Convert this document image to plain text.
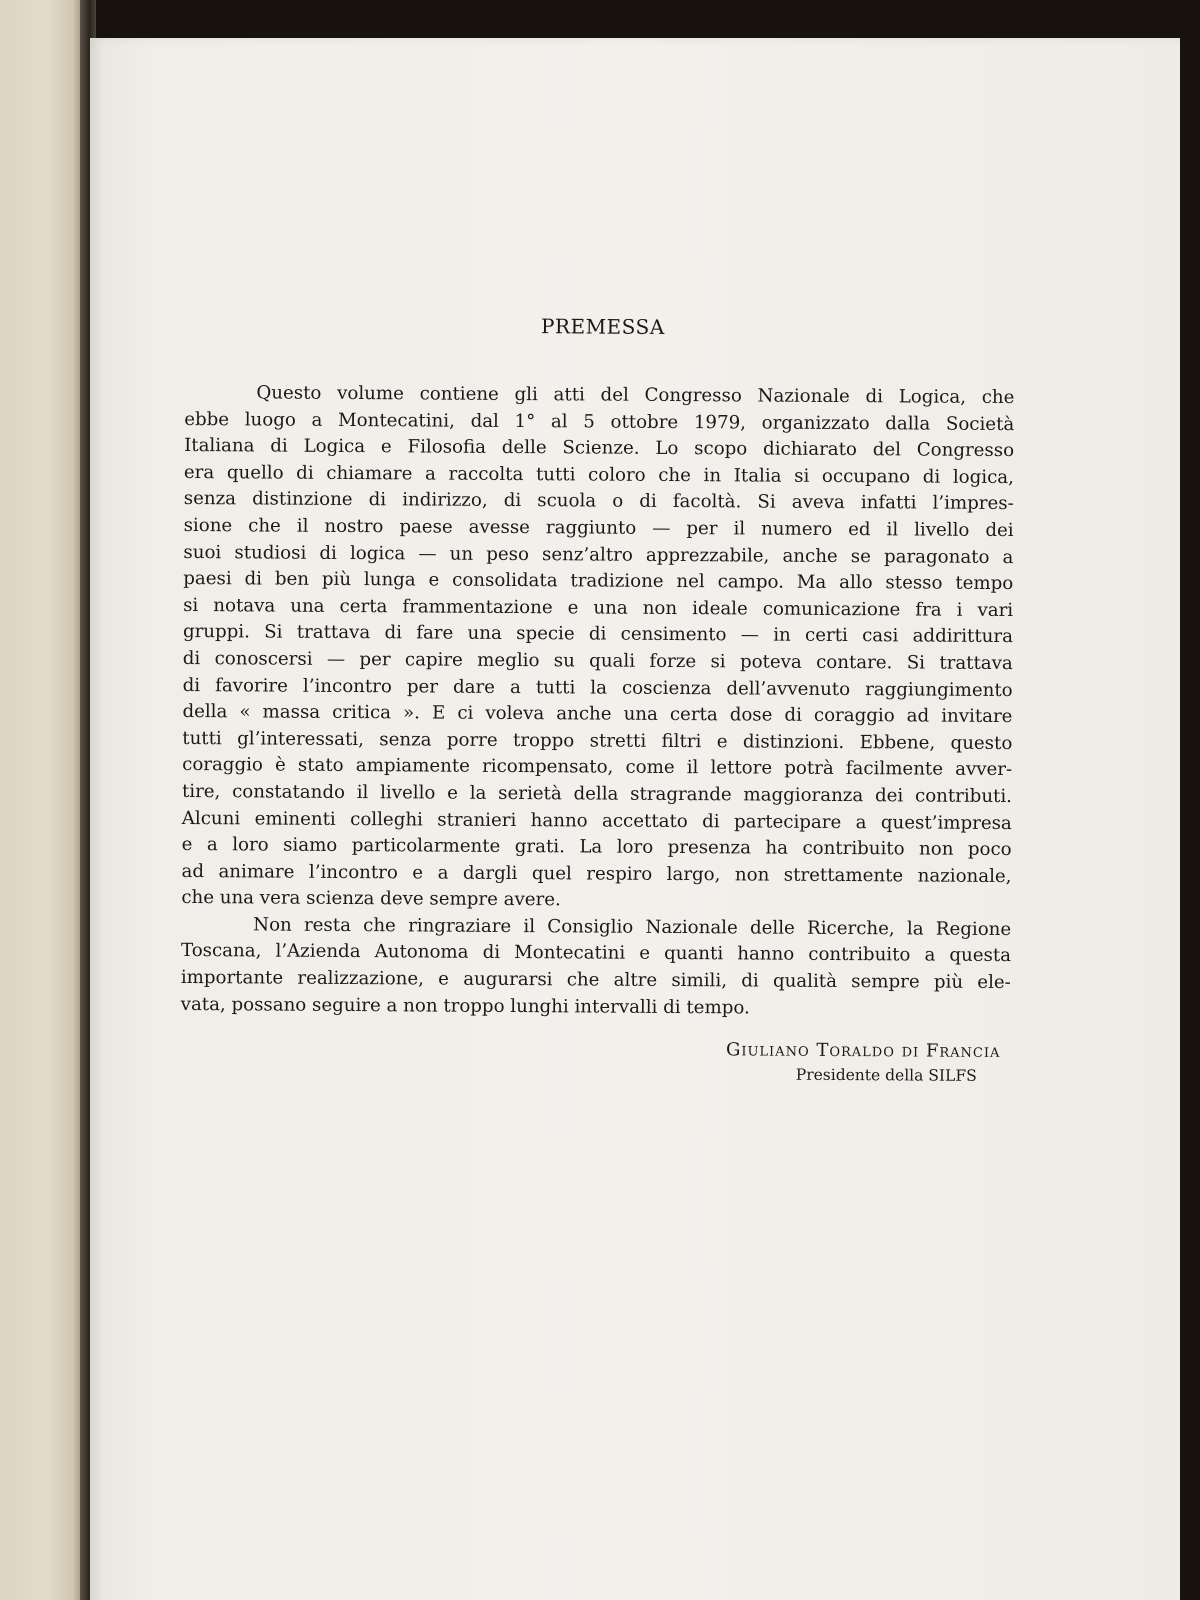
PREMESSA
Questo volume contiene gli atti del Congresso Nazionale di Logica, che
ebbe luogo a Montecatini, dal 1° al 5 ottobre 1979, organizzato dalla Società
Italiana di Logica e Filosofia delle Scienze. Lo scopo dichiarato del Congresso
era quello di chiamare a raccolta tutti coloro che in Italia si occupano di logica,
senza distinzione di indirizzo, di scuola o di facoltà. Si aveva infatti l’impres-
sione che il nostro paese avesse raggiunto — per il numero ed il livello dei
suoi studiosi di logica — un peso senz’altro apprezzabile, anche se paragonato a
paesi di ben più lunga e consolidata tradizione nel campo. Ma allo stesso tempo
si notava una certa frammentazione e una non ideale comunicazione fra i vari
gruppi. Si trattava di fare una specie di censimento — in certi casi addirittura
di conoscersi — per capire meglio su quali forze si poteva contare. Si trattava
di favorire l’incontro per dare a tutti la coscienza dell’avvenuto raggiungimento
della « massa critica ». E ci voleva anche una certa dose di coraggio ad invitare
tutti gl’interessati, senza porre troppo stretti filtri e distinzioni. Ebbene, questo
coraggio è stato ampiamente ricompensato, come il lettore potrà facilmente avver-
tire, constatando il livello e la serietà della stragrande maggioranza dei contributi.
Alcuni eminenti colleghi stranieri hanno accettato di partecipare a quest’impresa
e a loro siamo particolarmente grati. La loro presenza ha contribuito non poco
ad animare l’incontro e a dargli quel respiro largo, non strettamente nazionale,
che una vera scienza deve sempre avere.
Non resta che ringraziare il Consiglio Nazionale delle Ricerche, la Regione
Toscana, l’Azienda Autonoma di Montecatini e quanti hanno contribuito a questa
importante realizzazione, e augurarsi che altre simili, di qualità sempre più ele-
vata, possano seguire a non troppo lunghi intervalli di tempo.
Giuliano Toraldo di Francia
Presidente della SILFS
